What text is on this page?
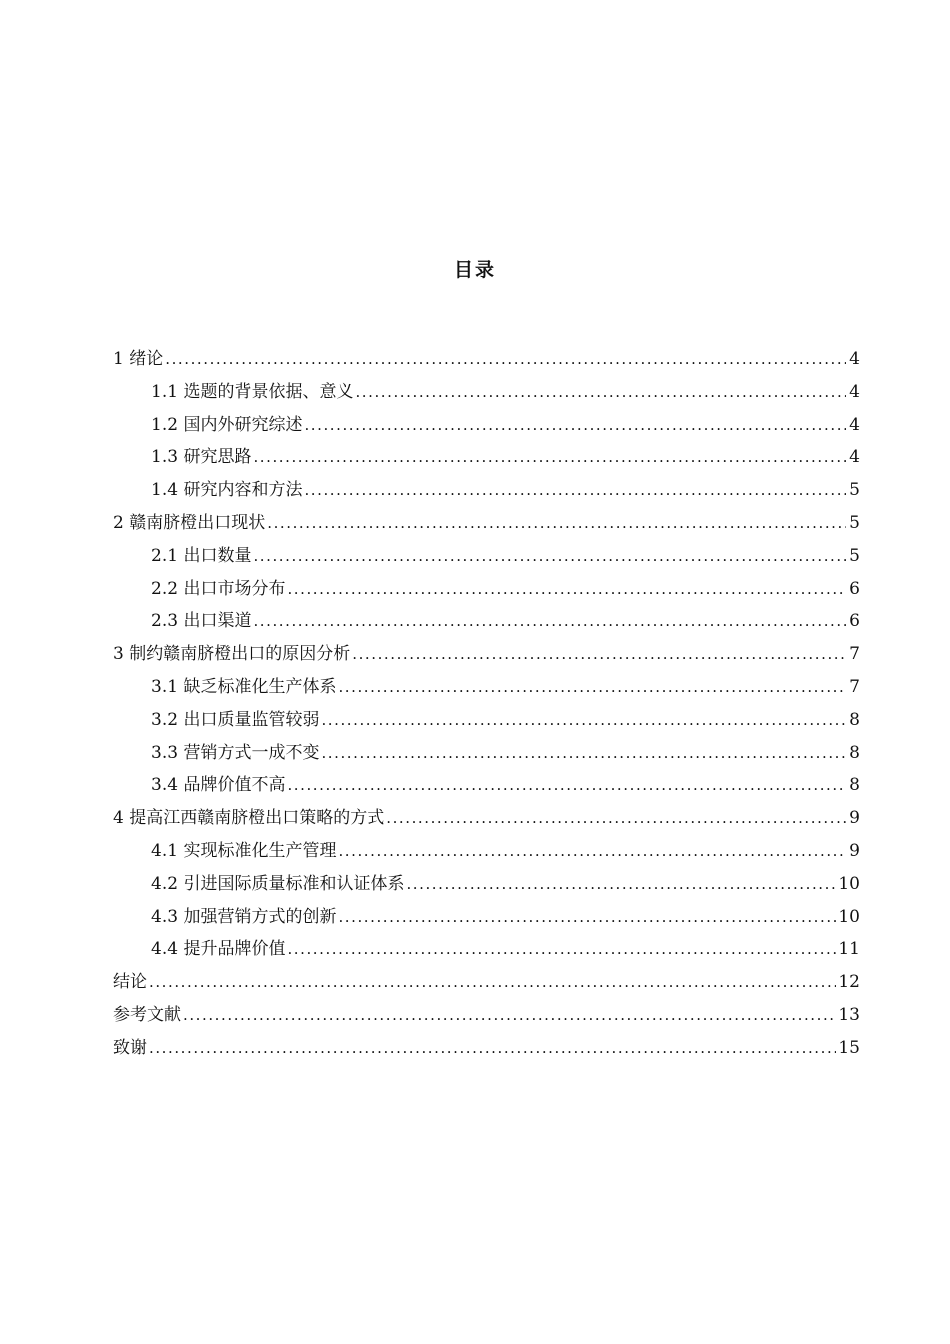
目录
1 绪论 . . .	4
1.1 选题的背景依据、意义 . . .	4
1.2 国内外研究综述 . . .	4
1.3 研究思路 . . .	4
1.4 研究内容和方法 . . .	5
2 赣南脐橙出口现状 . . .	5
2.1 出口数量 . . .	5
2.2 出口市场分布 . . .	6
2.3 出口渠道 . . .	6
3 制约赣南脐橙出口的原因分析 . . .	7
3.1 缺乏标准化生产体系 . . .	7
3.2 出口质量监管较弱 . . .	8
3.3 营销方式一成不变 . . .	8
3.4 品牌价值不高 . . .	8
4 提高江西赣南脐橙出口策略的方式 . . .	9
4.1 实现标准化生产管理 . . .	9
4.2 引进国际质量标准和认证体系 . . .	10
4.3 加强营销方式的创新 . . .	10
4.4 提升品牌价值 . . .	11
结论 . . .	12
参考文献 . . .	13
致谢 . . .	15
